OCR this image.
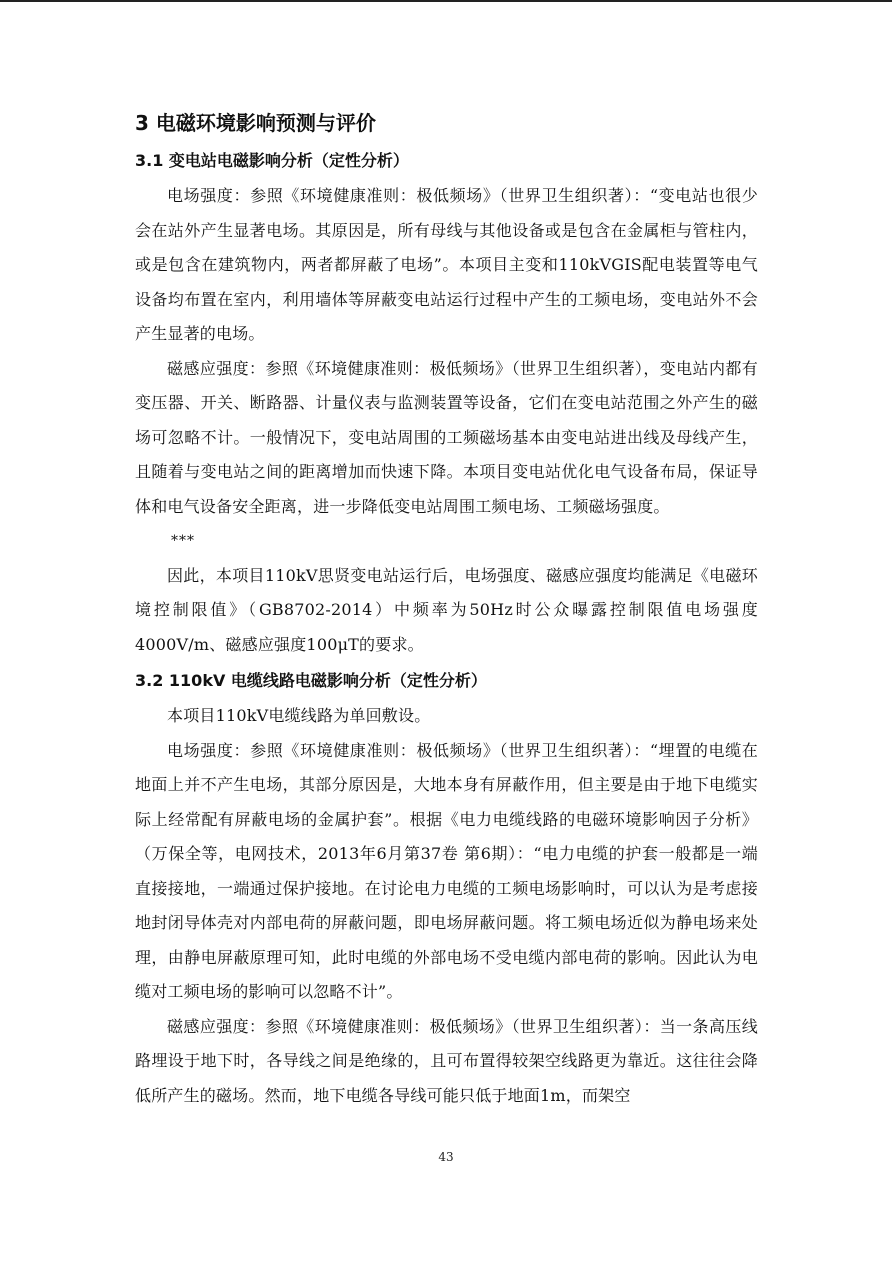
3 电磁环境影响预测与评价
3.1 变电站电磁影响分析（定性分析）

电场强度：参照《环境健康准则：极低频场》（世界卫生组织著）：“变电站也很少会在站外产生显著电场。其原因是，所有母线与其他设备或是包含在金属柜与管柱内，或是包含在建筑物内，两者都屏蔽了电场”。本项目主变和110kVGIS配电装置等电气设备均布置在室内，利用墙体等屏蔽变电站运行过程中产生的工频电场，变电站外不会产生显著的电场。

磁感应强度：参照《环境健康准则：极低频场》（世界卫生组织著），变电站内都有变压器、开关、断路器、计量仪表与监测装置等设备，它们在变电站范围之外产生的磁场可忽略不计。一般情况下，变电站周围的工频磁场基本由变电站进出线及母线产生，且随着与变电站之间的距离增加而快速下降。本项目变电站优化电气设备布局，保证导体和电气设备安全距离，进一步降低变电站周围工频电场、工频磁场强度。

***

因此，本项目110kV思贤变电站运行后，电场强度、磁感应强度均能满足《电磁环境控制限值》（GB8702-2014）中频率为50Hz时公众曝露控制限值电场强度4000V/m、磁感应强度100μT的要求。

3.2 110kV 电缆线路电磁影响分析（定性分析）

本项目110kV电缆线路为单回敷设。

电场强度：参照《环境健康准则：极低频场》（世界卫生组织著）：“埋置的电缆在地面上并不产生电场，其部分原因是，大地本身有屏蔽作用，但主要是由于地下电缆实际上经常配有屏蔽电场的金属护套”。根据《电力电缆线路的电磁环境影响因子分析》（万保全等，电网技术，2013年6月第37卷 第6期）：“电力电缆的护套一般都是一端直接接地，一端通过保护接地。在讨论电力电缆的工频电场影响时，可以认为是考虑接地封闭导体壳对内部电荷的屏蔽问题，即电场屏蔽问题。将工频电场近似为静电场来处理，由静电屏蔽原理可知，此时电缆的外部电场不受电缆内部电荷的影响。因此认为电缆对工频电场的影响可以忽略不计”。

磁感应强度：参照《环境健康准则：极低频场》（世界卫生组织著）：当一条高压线路埋设于地下时，各导线之间是绝缘的，且可布置得较架空线路更为靠近。这往往会降低所产生的磁场。然而，地下电缆各导线可能只低于地面1m，而架空

43
